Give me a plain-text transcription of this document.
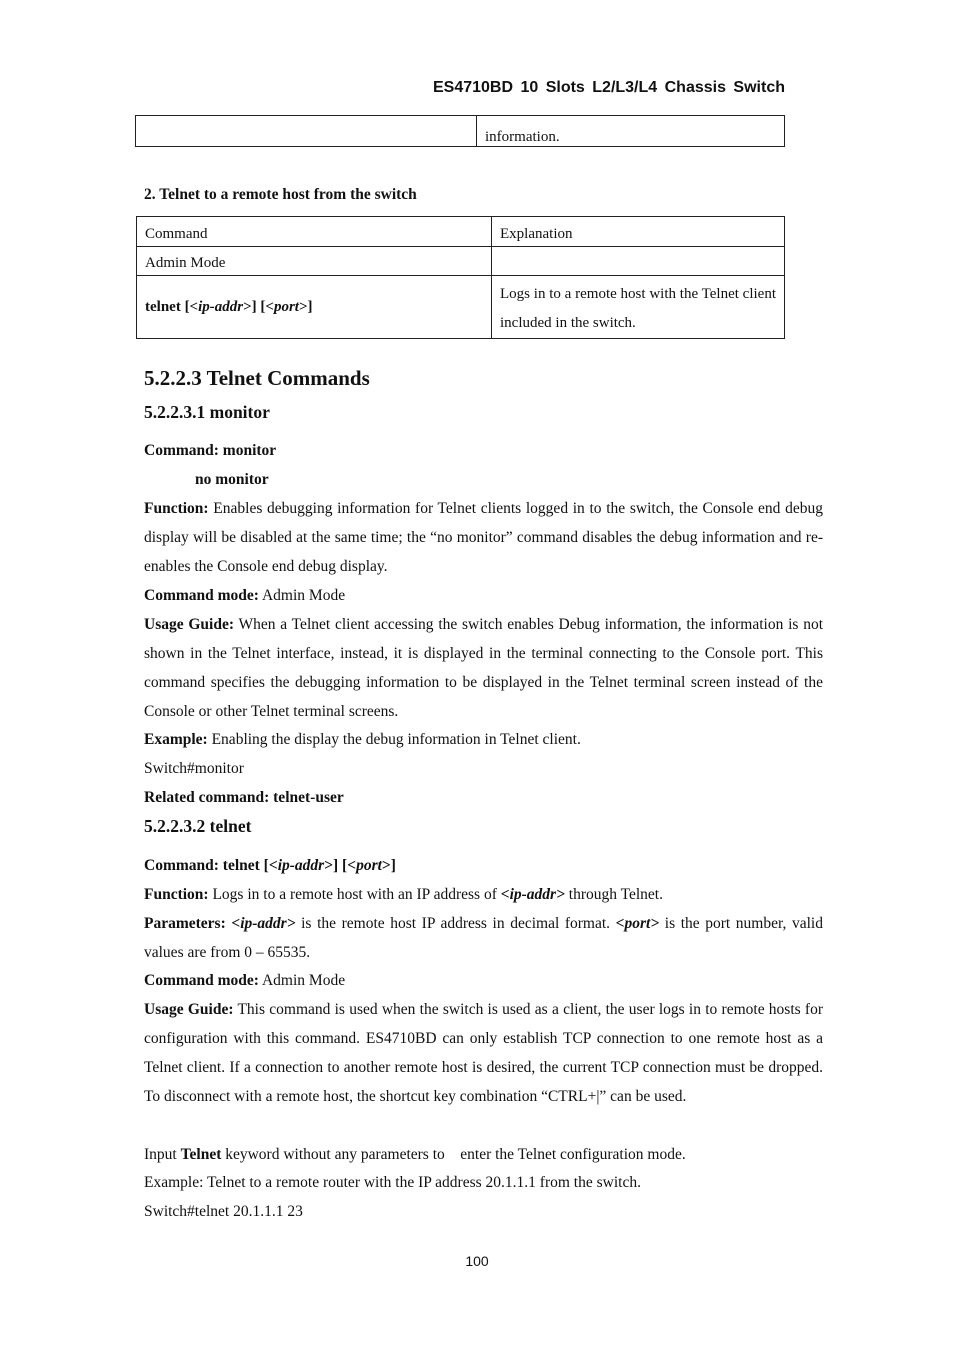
ES4710BD 10 Slots L2/L3/L4 Chassis Switch
	information.
2. Telnet to a remote host from the switch
Command	Explanation
Admin Mode	
telnet [<ip-addr>] [<port>]	Logs in to a remote host with the Telnet client included in the switch.
5.2.2.3 Telnet Commands
5.2.2.3.1 monitor
Command: monitor
no monitor
Function: Enables debugging information for Telnet clients logged in to the switch, the Console end debug display will be disabled at the same time; the “no monitor” command disables the debug information and re-enables the Console end debug display.
Command mode: Admin Mode
Usage Guide: When a Telnet client accessing the switch enables Debug information, the information is not shown in the Telnet interface, instead, it is displayed in the terminal connecting to the Console port. This command specifies the debugging information to be displayed in the Telnet terminal screen instead of the Console or other Telnet terminal screens.
Example: Enabling the display the debug information in Telnet client.
Switch#monitor
Related command: telnet-user
5.2.2.3.2 telnet
Command: telnet [<ip-addr>] [<port>]
Function: Logs in to a remote host with an IP address of <ip-addr> through Telnet.
Parameters: <ip-addr> is the remote host IP address in decimal format. <port> is the port number, valid values are from 0 – 65535.
Command mode: Admin Mode
Usage Guide: This command is used when the switch is used as a client, the user logs in to remote hosts for configuration with this command. ES4710BD can only establish TCP connection to one remote host as a Telnet client. If a connection to another remote host is desired, the current TCP connection must be dropped. To disconnect with a remote host, the shortcut key combination “CTRL+|” can be used.
Input Telnet keyword without any parameters to    enter the Telnet configuration mode.
Example: Telnet to a remote router with the IP address 20.1.1.1 from the switch.
Switch#telnet 20.1.1.1 23
100
